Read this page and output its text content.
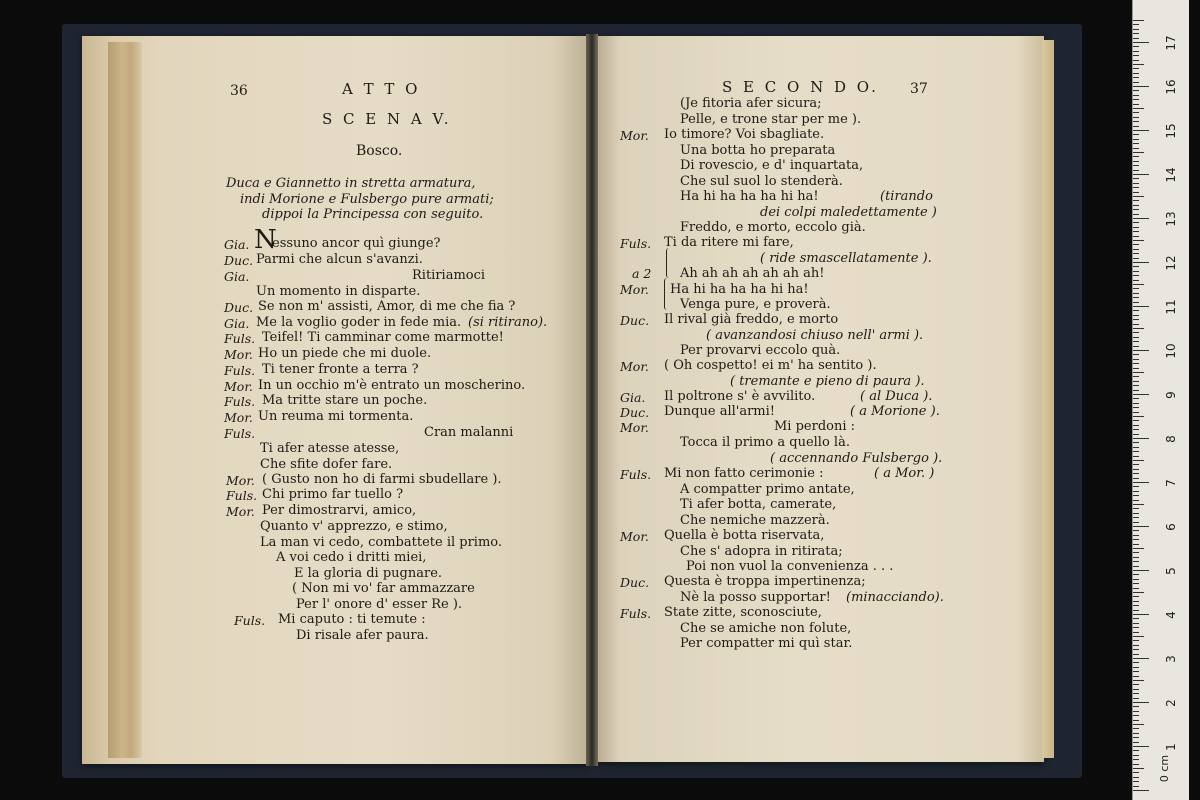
36	A T T O
S C E N A V.
Bosco.
Duca e Giannetto in stretta armatura,
indi Morione e Fulsbergo pure armati;
dippoi la Principessa con seguito.
Gia. N
essuno ancor quì giunge?
Duc. Parmi che alcun s'avanzi.
Gia.	Ritiriamoci
Un momento in disparte.
Duc. Se non m' assisti, Amor, di me che fia ?
Gia. Me la voglio goder in fede mia. (si ritirano).
Fuls. Teifel! Ti camminar come marmotte!
Mor. Ho un piede che mi duole.
Fuls. Ti tener fronte a terra ?
Mor. In un occhio m'è entrato un moscherino.
Fuls. Ma tritte stare un poche.
Mor. Un reuma mi tormenta.
Fuls.	Cran malanni
Ti afer atesse atesse,
Che sfite dofer fare.
Mor. ( Gusto non ho di farmi sbudellare ).
Fuls. Chi primo far tuello ?
Mor. Per dimostrarvi, amico,
Quanto v' apprezzo, e stimo,
La man vi cedo, combattete il primo.
A voi cedo i dritti miei,
E la gloria di pugnare.
( Non mi vo' far ammazzare
Per l' onore d' esser Re ).
Fuls. Mi caputo : ti temute :
Di risale afer paura.
S E C O N D O. 37
(Je fitoria afer sicura;
Pelle, e trone star per me ).
Mor. Io timore? Voi sbagliate.
Una botta ho preparata
Di rovescio, e d' inquartata,
Che sul suol lo stenderà.
Ha hi ha ha ha hi ha!	(tirando
dei colpi maledettamente )
Freddo, e morto, eccolo già.
Fuls. Ti da ritere mi fare,
( ride smascellatamente ).
a 2 Ah ah ah ah ah ah ah!
Mor. Ha hi ha ha ha hi ha!
Venga pure, e proverà.
Duc. Il rival già freddo, e morto
( avanzandosi chiuso nell' armi ).
Per provarvi eccolo quà.
Mor. ( Oh cospetto! ei m' ha sentito ).
( tremante e pieno di paura ).
Gia. Il poltrone s' è avvilito.	( al Duca ).
Duc. Dunque all'armi!	( a Morione ).
Mor.	Mi perdoni :
Tocca il primo a quello là.
( accennando Fulsbergo ).
Fuls. Mi non fatto cerimonie :	( a Mor. )
A compatter primo antate,
Ti afer botta, camerate,
Che nemiche mazzerà.
Mor. Quella è botta riservata,
Che s' adopra in ritirata;
Poi non vuol la convenienza . . .
Duc. Questa è troppa impertinenza;
Nè la posso supportar! (minacciando).
Fuls. State zitte, sconosciute,
Che se amiche non folute,
Per compatter mi quì star.
0 cm
1
2
3
4
5
6
7
8
9
10
11
12
13
14
15
16
17
